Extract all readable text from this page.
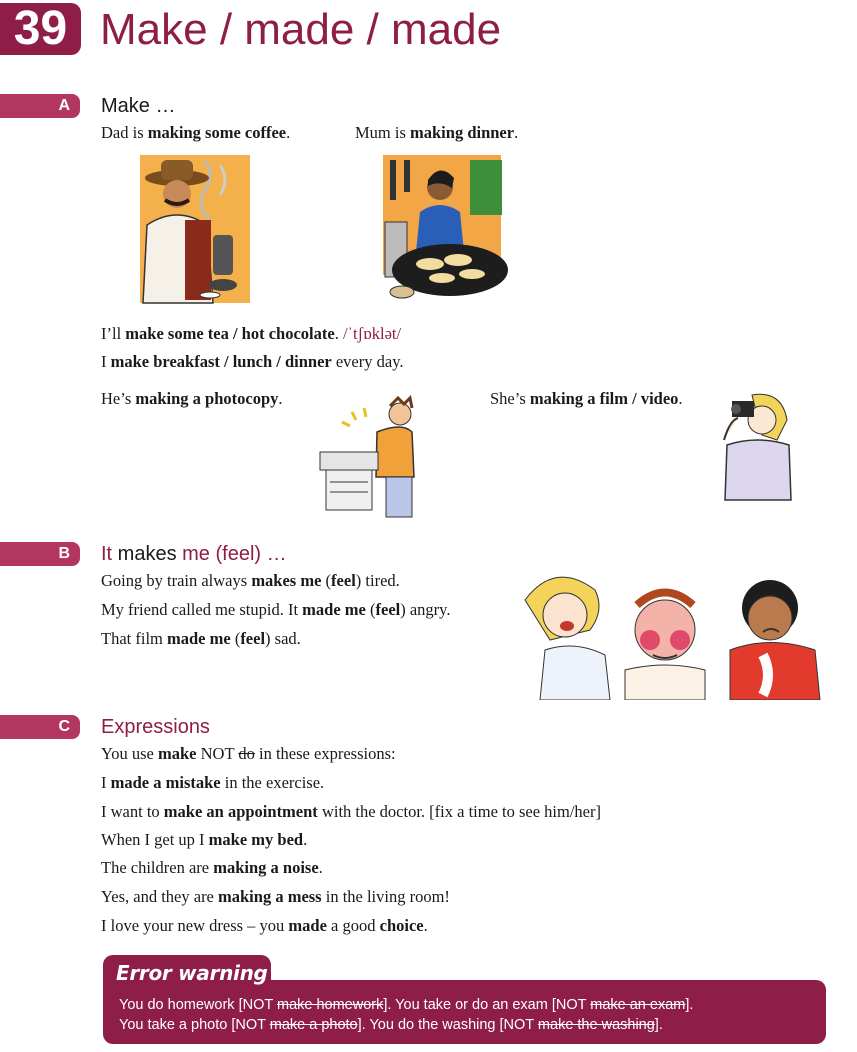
39 Make / made / made
A	Make …
Dad is making some coffee.	Mum is making dinner.
I’ll make some tea / hot chocolate. /ˈtʃɒklət/
I make breakfast / lunch / dinner every day.
He’s making a photocopy.	She’s making a film / video.
B	It makes me (feel) …
Going by train always makes me (feel) tired.
My friend called me stupid. It made me (feel) angry.
That film made me (feel) sad.
C	Expressions
You use make NOT do in these expressions:
I made a mistake in the exercise.
I want to make an appointment with the doctor. [fix a time to see him/her]
When I get up I make my bed.
The children are making a noise.
Yes, and they are making a mess in the living room!
I love your new dress – you made a good choice.
Error warning
You do homework [NOT make homework]. You take or do an exam [NOT make an exam].
You take a photo [NOT make a photo]. You do the washing [NOT make the washing].
